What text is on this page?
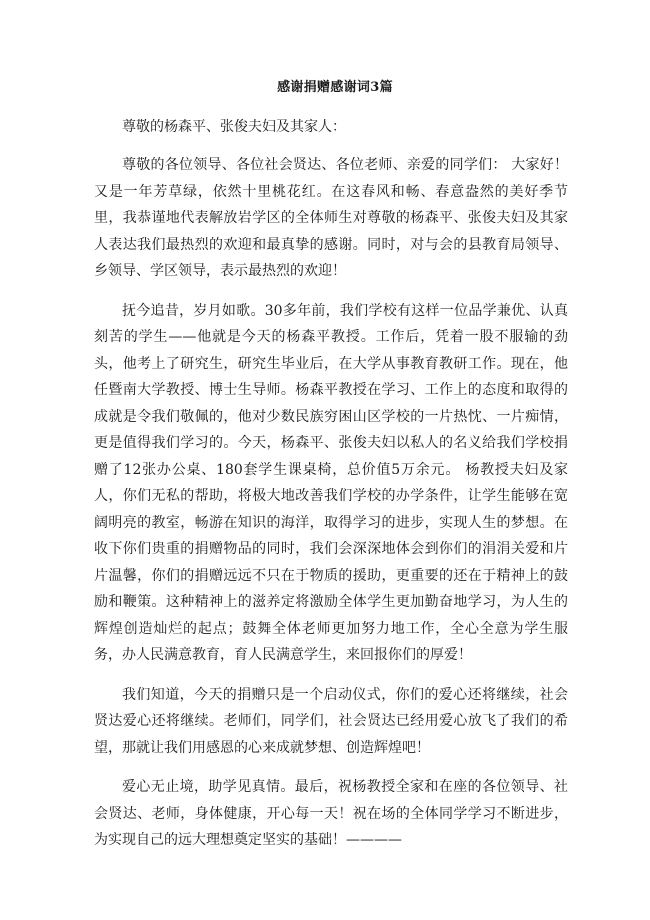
感谢捐赠感谢词3篇

尊敬的杨森平、张俊夫妇及其家人：

尊敬的各位领导、各位社会贤达、各位老师、亲爱的同学们： 大家好！又是一年芳草绿，依然十里桃花红。在这春风和畅、春意盎然的美好季节里，我恭谨地代表解放岩学区的全体师生对尊敬的杨森平、张俊夫妇及其家人表达我们最热烈的欢迎和最真挚的感谢。同时，对与会的县教育局领导、乡领导、学区领导，表示最热烈的欢迎！

抚今追昔，岁月如歌。30多年前，我们学校有这样一位品学兼优、认真刻苦的学生——他就是今天的杨森平教授。工作后，凭着一股不服输的劲头，他考上了研究生，研究生毕业后，在大学从事教育教研工作。现在，他任暨南大学教授、博士生导师。杨森平教授在学习、工作上的态度和取得的成就是令我们敬佩的，他对少数民族穷困山区学校的一片热忱、一片痴情，更是值得我们学习的。今天，杨森平、张俊夫妇以私人的名义给我们学校捐赠了12张办公桌、180套学生课桌椅，总价值5万余元。 杨教授夫妇及家人，你们无私的帮助，将极大地改善我们学校的办学条件，让学生能够在宽阔明亮的教室，畅游在知识的海洋，取得学习的进步，实现人生的梦想。在收下你们贵重的捐赠物品的同时，我们会深深地体会到你们的涓涓关爱和片片温馨，你们的捐赠远远不只在于物质的援助，更重要的还在于精神上的鼓励和鞭策。这种精神上的滋养定将激励全体学生更加勤奋地学习，为人生的辉煌创造灿烂的起点；鼓舞全体老师更加努力地工作，全心全意为学生服务，办人民满意教育，育人民满意学生，来回报你们的厚爱！

我们知道，今天的捐赠只是一个启动仪式，你们的爱心还将继续，社会贤达爱心还将继续。老师们，同学们，社会贤达已经用爱心放飞了我们的希望，那就让我们用感恩的心来成就梦想、创造辉煌吧！

爱心无止境，助学见真情。最后，祝杨教授全家和在座的各位领导、社会贤达、老师，身体健康，开心每一天！祝在场的全体同学学习不断进步，为实现自己的远大理想奠定坚实的基础！————
